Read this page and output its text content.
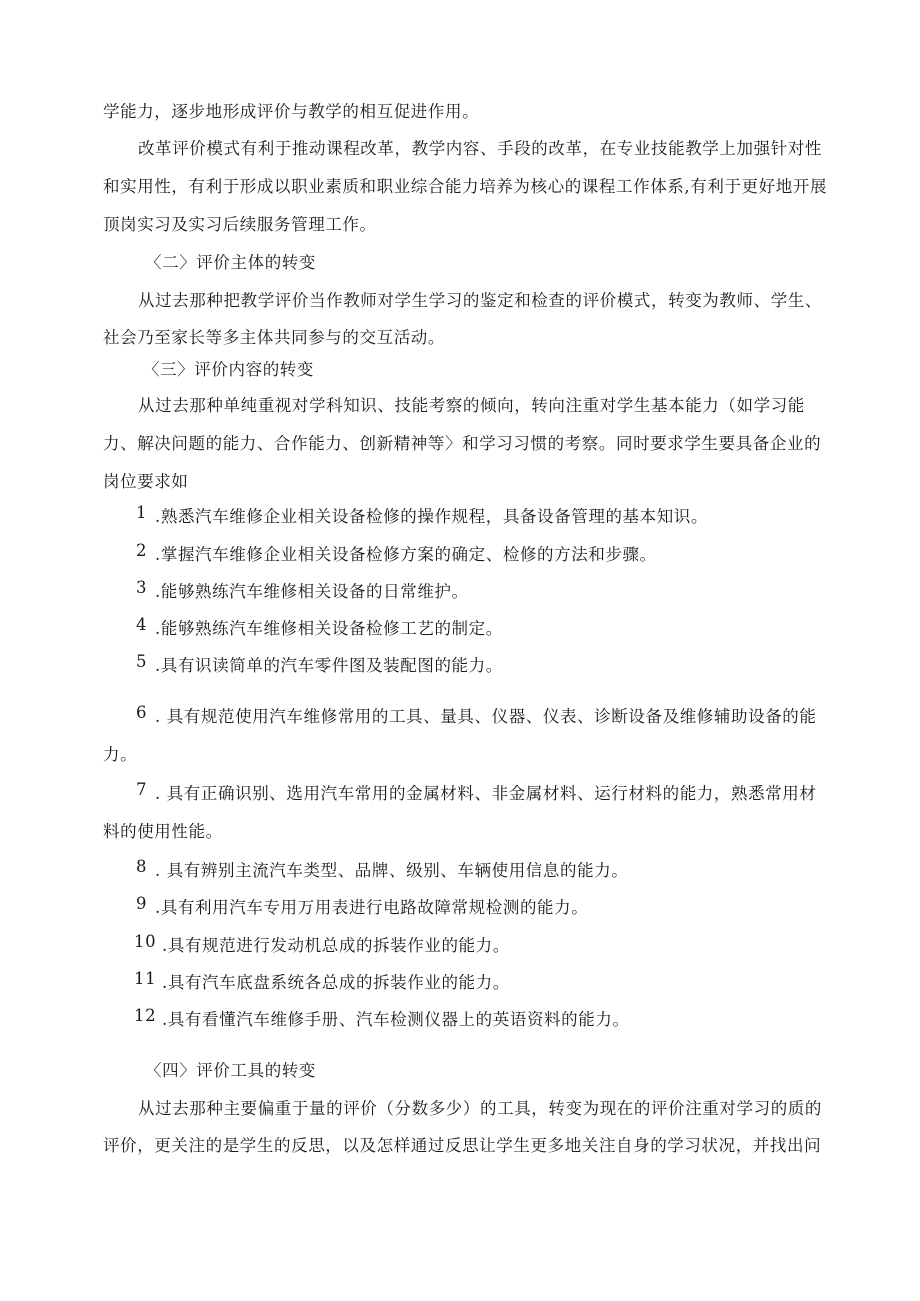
学能力，逐步地形成评价与教学的相互促进作用。
改革评价模式有利于推动课程改革，教学内容、手段的改革，在专业技能教学上加强针对性
和实用性，有利于形成以职业素质和职业综合能力培养为核心的课程工作体系,有利于更好地开展
顶岗实习及实习后续服务管理工作。
〈二〉评价主体的转变
从过去那种把教学评价当作教师对学生学习的鉴定和检查的评价模式，转变为教师、学生、
社会乃至家长等多主体共同参与的交互活动。
〈三〉评价内容的转变
从过去那种单纯重视对学科知识、技能考察的倾向，转向注重对学生基本能力（如学习能
力、解决问题的能力、合作能力、创新精神等〉和学习习惯的考察。同时要求学生要具备企业的
岗位要求如
1 .熟悉汽车维修企业相关设备检修的操作规程，具备设备管理的基本知识。
2 .掌握汽车维修企业相关设备检修方案的确定、检修的方法和步骤。
3 .能够熟练汽车维修相关设备的日常维护。
4 .能够熟练汽车维修相关设备检修工艺的制定。
5 .具有识读简单的汽车零件图及装配图的能力。
6 . 具有规范使用汽车维修常用的工具、量具、仪器、仪表、诊断设备及维修辅助设备的能
力。
7 . 具有正确识别、选用汽车常用的金属材料、非金属材料、运行材料的能力，熟悉常用材
料的使用性能。
8 . 具有辨别主流汽车类型、品牌、级别、车辆使用信息的能力。
9 .具有利用汽车专用万用表进行电路故障常规检测的能力。
10 .具有规范进行发动机总成的拆装作业的能力。
11 .具有汽车底盘系统各总成的拆装作业的能力。
12 .具有看懂汽车维修手册、汽车检测仪器上的英语资料的能力。
〈四〉评价工具的转变
从过去那种主要偏重于量的评价（分数多少）的工具，转变为现在的评价注重对学习的质的
评价，更关注的是学生的反思，以及怎样通过反思让学生更多地关注自身的学习状况，并找出问
